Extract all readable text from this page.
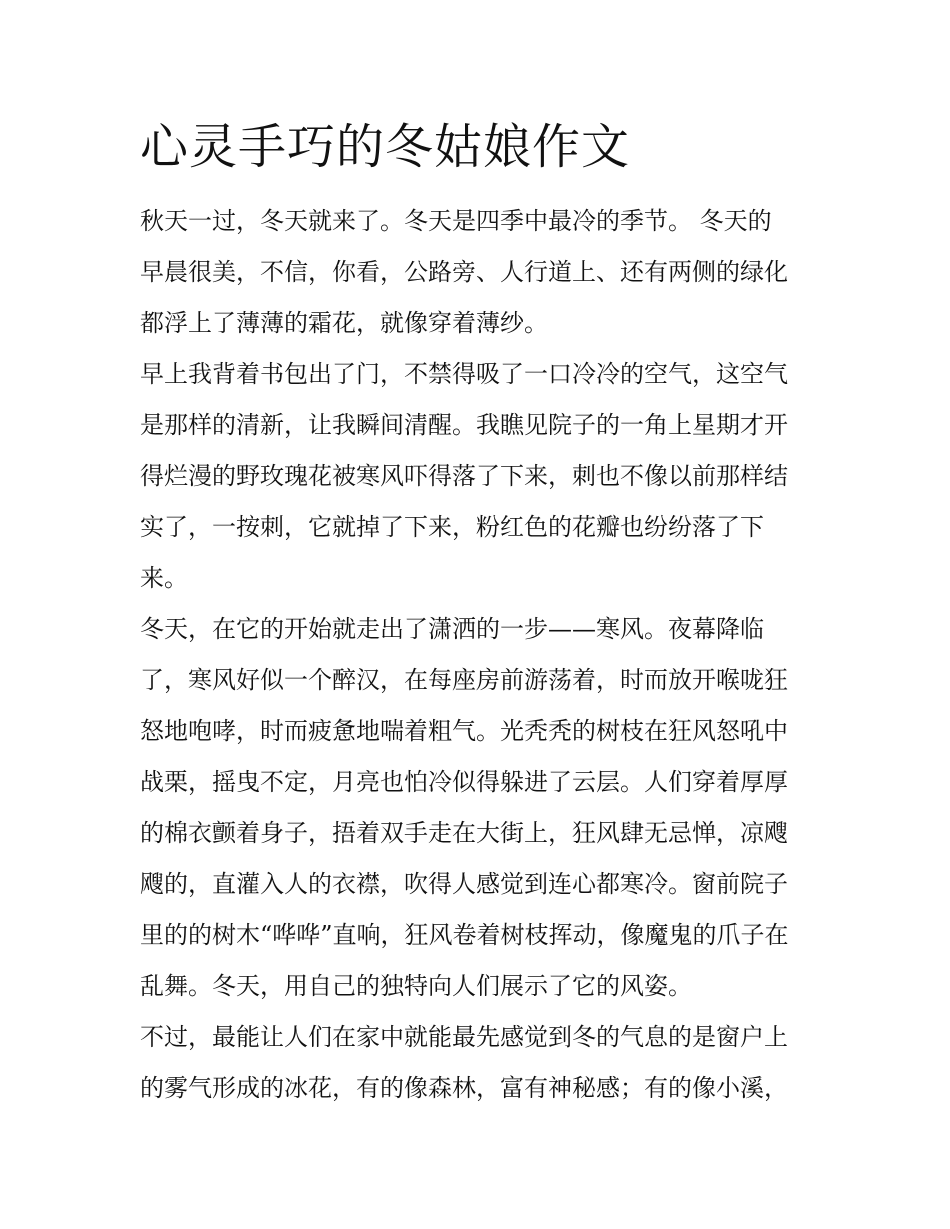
心灵手巧的冬姑娘作文

秋天一过，冬天就来了。冬天是四季中最冷的季节。 冬天的

早晨很美，不信，你看，公路旁、人行道上、还有两侧的绿化

都浮上了薄薄的霜花，就像穿着薄纱。

早上我背着书包出了门，不禁得吸了一口冷冷的空气，这空气

是那样的清新，让我瞬间清醒。我瞧见院子的一角上星期才开

得烂漫的野玫瑰花被寒风吓得落了下来，刺也不像以前那样结

实了，一按刺，它就掉了下来，粉红色的花瓣也纷纷落了下

来。

冬天，在它的开始就走出了潇洒的一步——寒风。夜幕降临

了，寒风好似一个醉汉，在每座房前游荡着，时而放开喉咙狂

怒地咆哮，时而疲惫地喘着粗气。光秃秃的树枝在狂风怒吼中

战栗，摇曳不定，月亮也怕冷似得躲进了云层。人们穿着厚厚

的棉衣颤着身子，捂着双手走在大街上，狂风肆无忌惮，凉飕

飕的，直灌入人的衣襟，吹得人感觉到连心都寒冷。窗前院子

里的的树木“哗哗”直响，狂风卷着树枝挥动，像魔鬼的爪子在

乱舞。冬天，用自己的独特向人们展示了它的风姿。

不过，最能让人们在家中就能最先感觉到冬的气息的是窗户上

的雾气形成的冰花，有的像森林，富有神秘感；有的像小溪，
